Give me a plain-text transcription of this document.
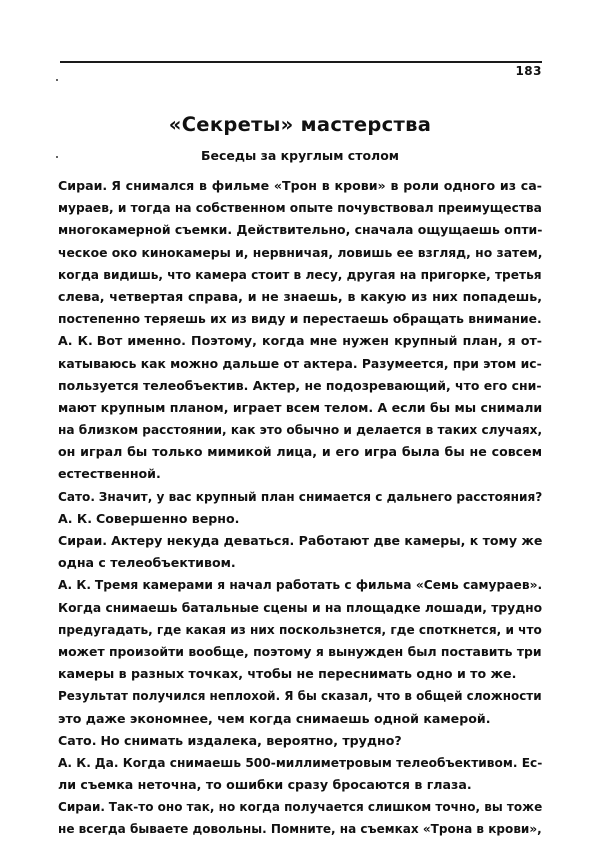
183
«Секреты» мастерства
Беседы за круглым столом
Сираи. Я снимался в фильме «Трон в крови» в роли одного из са-
мураев, и тогда на собственном опыте почувствовал преимущества
многокамерной съемки. Действительно, сначала ощущаешь опти-
ческое око кинокамеры и, нервничая, ловишь ее взгляд, но затем,
когда видишь, что камера стоит в лесу, другая на пригорке, третья
слева, четвертая справа, и не знаешь, в какую из них попадешь,
постепенно теряешь их из виду и перестаешь обращать внимание.
А. К. Вот именно. Поэтому, когда мне нужен крупный план, я от-
катываюсь как можно дальше от актера. Разумеется, при этом ис-
пользуется телеобъектив. Актер, не подозревающий, что его сни-
мают крупным планом, играет всем телом. А если бы мы снимали
на близком расстоянии, как это обычно и делается в таких случаях,
он играл бы только мимикой лица, и его игра была бы не совсем
естественной.
Сато. Значит, у вас крупный план снимается с дальнего расстояния?
А. К. Совершенно верно.
Сираи. Актеру некуда деваться. Работают две камеры, к тому же
одна с телеобъективом.
А. К. Тремя камерами я начал работать с фильма «Семь самураев».
Когда снимаешь батальные сцены и на площадке лошади, трудно
предугадать, где какая из них поскользнется, где споткнется, и что
может произойти вообще, поэтому я вынужден был поставить три
камеры в разных точках, чтобы не переснимать одно и то же.
Результат получился неплохой. Я бы сказал, что в общей сложности
это даже экономнее, чем когда снимаешь одной камерой.
Сато. Но снимать издалека, вероятно, трудно?
А. К. Да. Когда снимаешь 500-миллиметровым телеобъективом. Ес-
ли съемка неточна, то ошибки сразу бросаются в глаза.
Сираи. Так-то оно так, но когда получается слишком точно, вы тоже
не всегда бываете довольны. Помните, на съемках «Трона в крови»,
